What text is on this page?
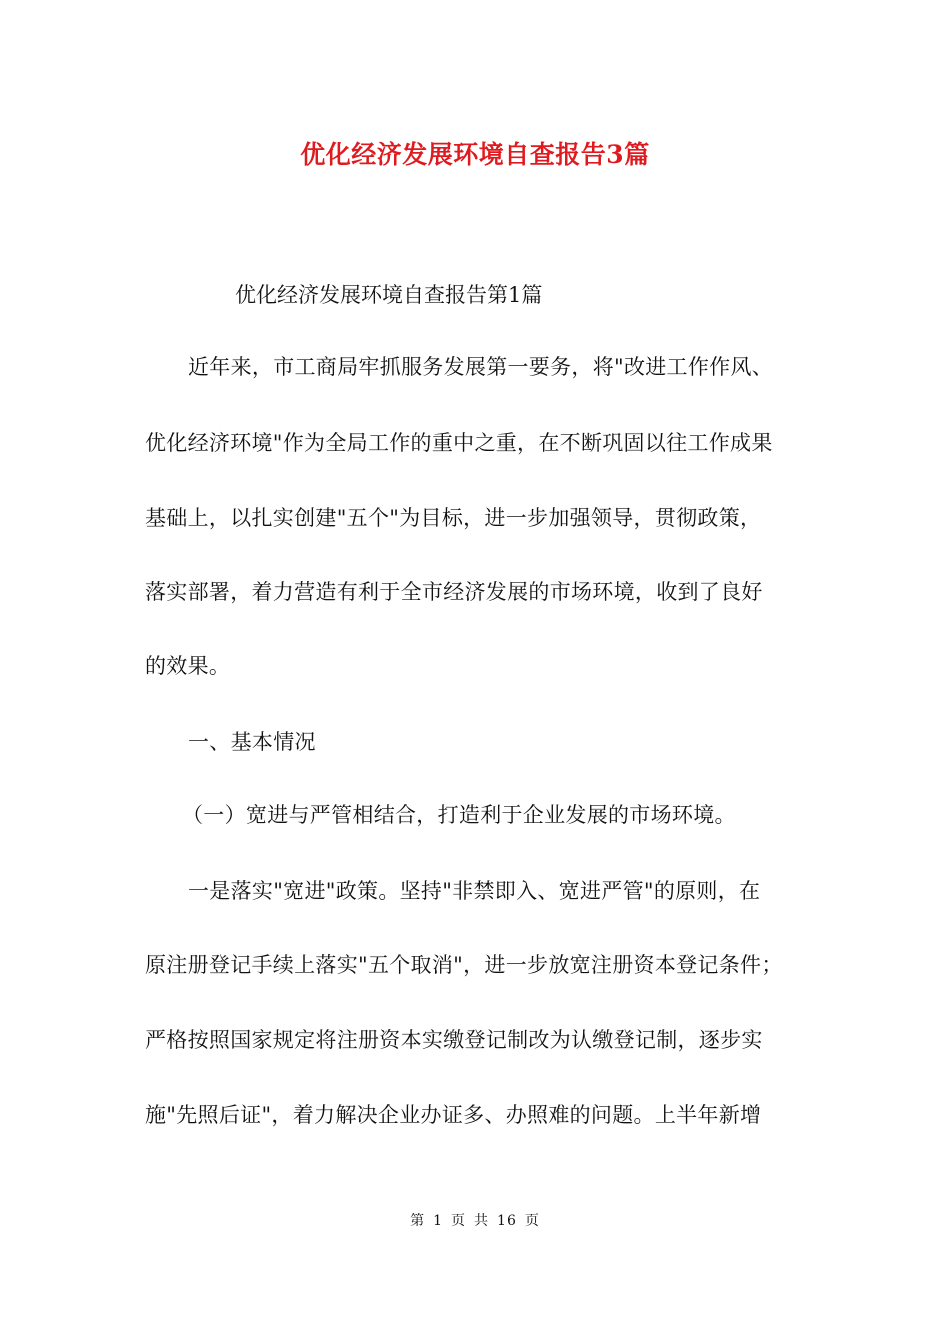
优化经济发展环境自查报告3篇
优化经济发展环境自查报告第1篇
近年来，市工商局牢抓服务发展第一要务，将"改进工作作风、
优化经济环境"作为全局工作的重中之重，在不断巩固以往工作成果
基础上，以扎实创建"五个"为目标，进一步加强领导，贯彻政策，
落实部署，着力营造有利于全市经济发展的市场环境，收到了良好
的效果。
一、基本情况
（一）宽进与严管相结合，打造利于企业发展的市场环境。
一是落实"宽进"政策。坚持"非禁即入、宽进严管"的原则，在
原注册登记手续上落实"五个取消"，进一步放宽注册资本登记条件；
严格按照国家规定将注册资本实缴登记制改为认缴登记制，逐步实
施"先照后证"，着力解决企业办证多、办照难的问题。上半年新增
第 1 页 共 16 页
